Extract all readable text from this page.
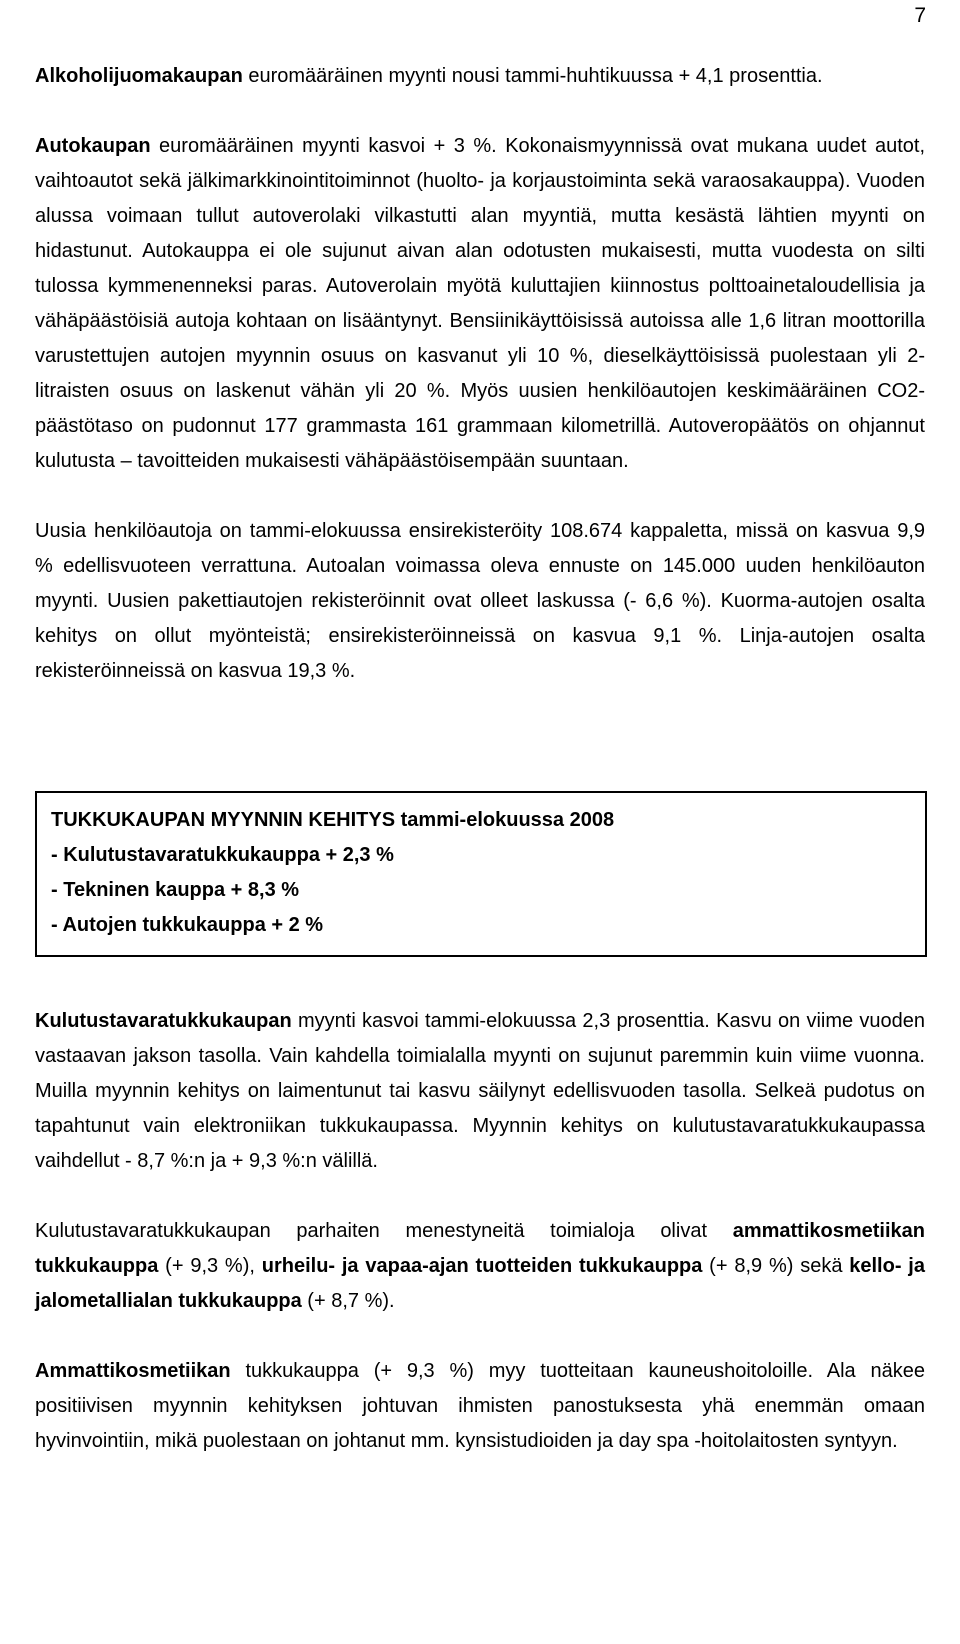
7

Alkoholijuomakaupan euromääräinen myynti nousi tammi-huhtikuussa + 4,1 prosenttia.

Autokaupan euromääräinen myynti kasvoi + 3 %. Kokonaismyynnissä ovat mukana uudet autot, vaihtoautot sekä jälkimarkkinointitoiminnot (huolto- ja korjaustoiminta sekä varaosakauppa). Vuoden alussa voimaan tullut autoverolaki vilkastutti alan myyntiä, mutta kesästä lähtien myynti on hidastunut. Autokauppa ei ole sujunut aivan alan odotusten mukaisesti, mutta vuodesta on silti tulossa kymmenenneksi paras. Autoverolain myötä kuluttajien kiinnostus polttoainetaloudellisia ja vähäpäästöisiä autoja kohtaan on lisääntynyt. Bensiinikäyttöisissä autoissa alle 1,6 litran moottorilla varustettujen autojen myynnin osuus on kasvanut yli 10 %, dieselkäyttöisissä puolestaan yli 2-litraisten osuus on laskenut vähän yli 20 %. Myös uusien henkilöautojen keskimääräinen CO2-päästötaso on pudonnut 177 grammasta 161 grammaan kilometrillä. Autoveropäätös on ohjannut kulutusta – tavoitteiden mukaisesti vähäpäästöisempään suuntaan.

Uusia henkilöautoja on tammi-elokuussa ensirekisteröity 108.674 kappaletta, missä on kasvua 9,9 % edellisvuoteen verrattuna. Autoalan voimassa oleva ennuste on 145.000 uuden henkilöauton myynti. Uusien pakettiautojen rekisteröinnit ovat olleet laskussa (- 6,6 %). Kuorma-autojen osalta kehitys on ollut myönteistä; ensirekisteröinneissä on kasvua 9,1 %. Linja-autojen osalta rekisteröinneissä on kasvua 19,3 %.

TUKKUKAUPAN MYYNNIN KEHITYS tammi-elokuussa 2008
- Kulutustavaratukkukauppa + 2,3 %
- Tekninen kauppa + 8,3 %
- Autojen tukkukauppa + 2 %

Kulutustavaratukkukaupan myynti kasvoi tammi-elokuussa 2,3 prosenttia. Kasvu on viime vuoden vastaavan jakson tasolla. Vain kahdella toimialalla myynti on sujunut paremmin kuin viime vuonna. Muilla myynnin kehitys on laimentunut tai kasvu säilynyt edellisvuoden tasolla. Selkeä pudotus on tapahtunut vain elektroniikan tukkukaupassa. Myynnin kehitys on kulutustavaratukkukaupassa vaihdellut - 8,7 %:n ja + 9,3 %:n välillä.

Kulutustavaratukkukaupan parhaiten menestyneitä toimialoja olivat ammattikosmetiikan tukkukauppa (+ 9,3 %), urheilu- ja vapaa-ajan tuotteiden tukkukauppa (+ 8,9 %) sekä kello- ja jalometallialan tukkukauppa (+ 8,7 %).

Ammattikosmetiikan tukkukauppa (+ 9,3 %) myy tuotteitaan kauneushoitoloille. Ala näkee positiivisen myynnin kehityksen johtuvan ihmisten panostuksesta yhä enemmän omaan hyvinvointiin, mikä puolestaan on johtanut mm. kynsistudioiden ja day spa -hoitolaitosten syntyyn.
